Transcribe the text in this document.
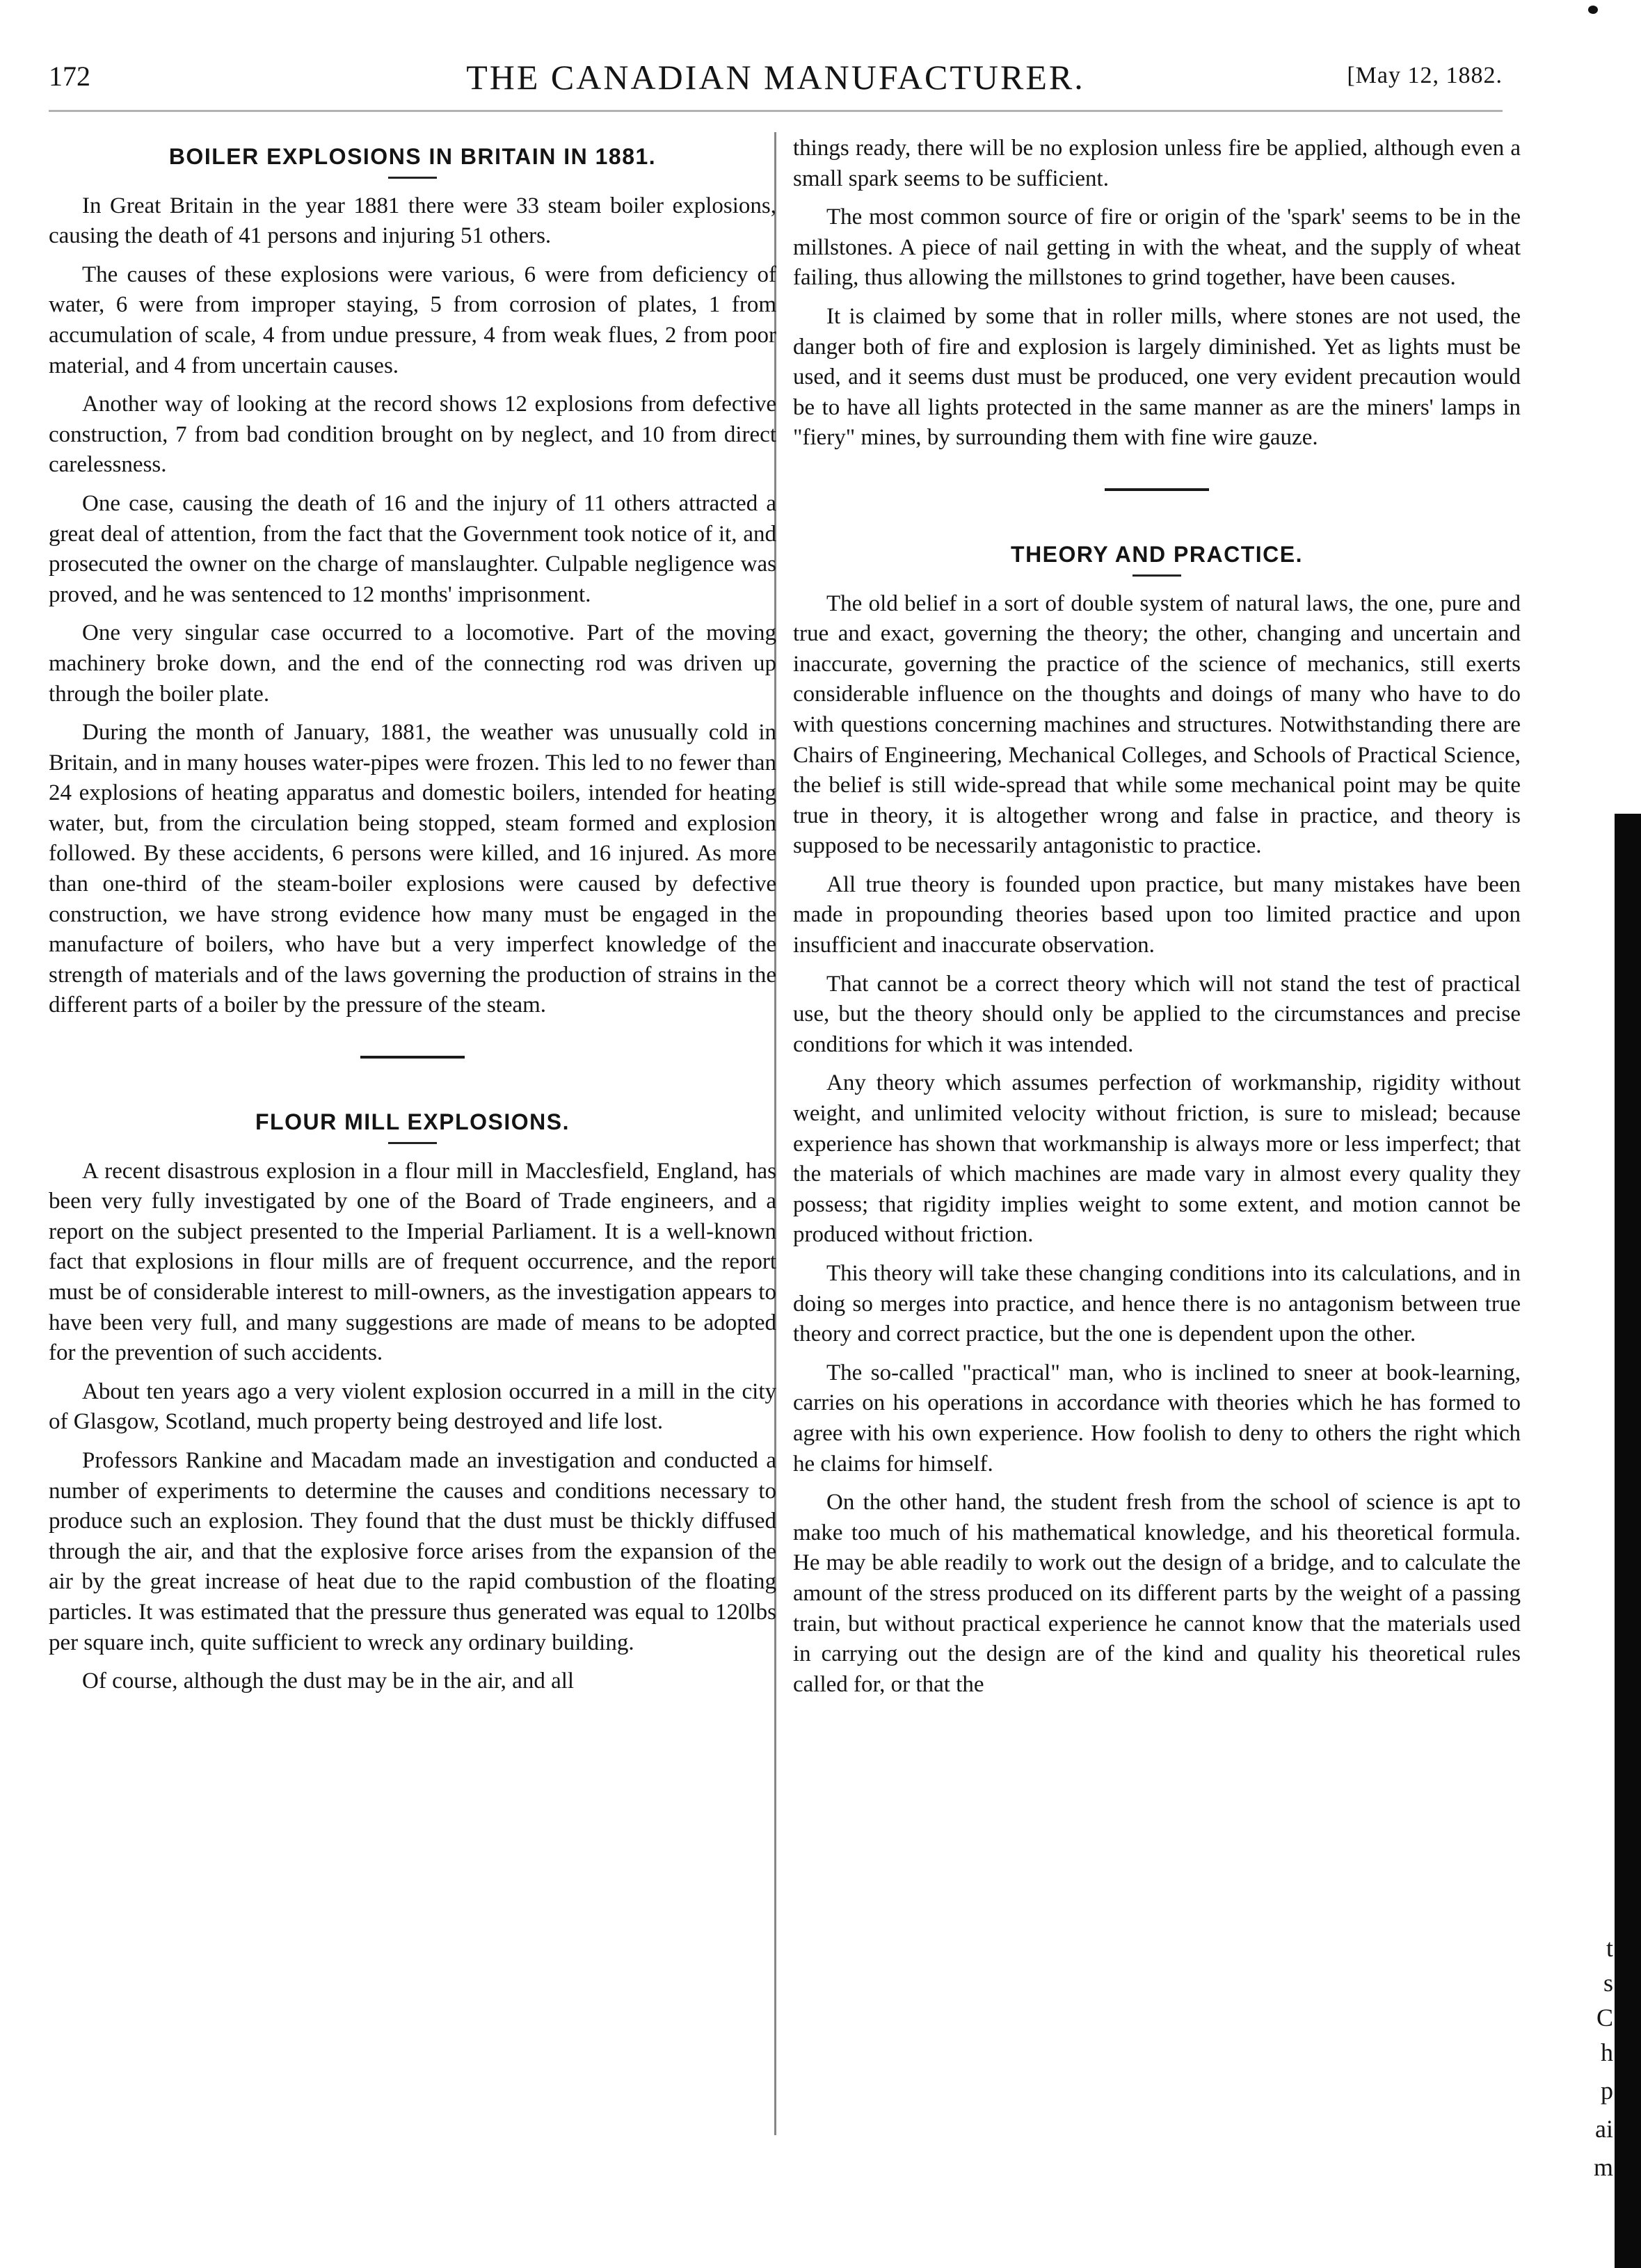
172	THE CANADIAN MANUFACTURER.	[May 12, 1882.
BOILER EXPLOSIONS IN BRITAIN IN 1881.

In Great Britain in the year 1881 there were 33 steam boiler explosions, causing the death of 41 persons and injuring 51 others.

The causes of these explosions were various, 6 were from deficiency of water, 6 were from improper staying, 5 from corrosion of plates, 1 from accumulation of scale, 4 from undue pressure, 4 from weak flues, 2 from poor material, and 4 from uncertain causes.

Another way of looking at the record shows 12 explosions from defective construction, 7 from bad condition brought on by neglect, and 10 from direct carelessness.

One case, causing the death of 16 and the injury of 11 others attracted a great deal of attention, from the fact that the Government took notice of it, and prosecuted the owner on the charge of manslaughter. Culpable negligence was proved, and he was sentenced to 12 months' imprisonment.

One very singular case occurred to a locomotive. Part of the moving machinery broke down, and the end of the connecting rod was driven up through the boiler plate.

During the month of January, 1881, the weather was unusually cold in Britain, and in many houses water-pipes were frozen. This led to no fewer than 24 explosions of heating apparatus and domestic boilers, intended for heating water, but, from the circulation being stopped, steam formed and explosion followed. By these accidents, 6 persons were killed, and 16 injured. As more than one-third of the steam-boiler explosions were caused by defective construction, we have strong evidence how many must be engaged in the manufacture of boilers, who have but a very imperfect knowledge of the strength of materials and of the laws governing the production of strains in the different parts of a boiler by the pressure of the steam.

FLOUR MILL EXPLOSIONS.

A recent disastrous explosion in a flour mill in Macclesfield, England, has been very fully investigated by one of the Board of Trade engineers, and a report on the subject presented to the Imperial Parliament. It is a well-known fact that explosions in flour mills are of frequent occurrence, and the report must be of considerable interest to mill-owners, as the investigation appears to have been very full, and many suggestions are made of means to be adopted for the prevention of such accidents.

About ten years ago a very violent explosion occurred in a mill in the city of Glasgow, Scotland, much property being destroyed and life lost.

Professors Rankine and Macadam made an investigation and conducted a number of experiments to determine the causes and conditions necessary to produce such an explosion. They found that the dust must be thickly diffused through the air, and that the explosive force arises from the expansion of the air by the great increase of heat due to the rapid combustion of the floating particles. It was estimated that the pressure thus generated was equal to 120lbs per square inch, quite sufficient to wreck any ordinary building.

Of course, although the dust may be in the air, and all

things ready, there will be no explosion unless fire be applied, although even a small spark seems to be sufficient.

The most common source of fire or origin of the 'spark' seems to be in the millstones. A piece of nail getting in with the wheat, and the supply of wheat failing, thus allowing the millstones to grind together, have been causes.

It is claimed by some that in roller mills, where stones are not used, the danger both of fire and explosion is largely diminished. Yet as lights must be used, and it seems dust must be produced, one very evident precaution would be to have all lights protected in the same manner as are the miners' lamps in "fiery" mines, by surrounding them with fine wire gauze.

THEORY AND PRACTICE.

The old belief in a sort of double system of natural laws, the one, pure and true and exact, governing the theory; the other, changing and uncertain and inaccurate, governing the practice of the science of mechanics, still exerts considerable influence on the thoughts and doings of many who have to do with questions concerning machines and structures. Notwithstanding there are Chairs of Engineering, Mechanical Colleges, and Schools of Practical Science, the belief is still wide-spread that while some mechanical point may be quite true in theory, it is altogether wrong and false in practice, and theory is supposed to be necessarily antagonistic to practice.

All true theory is founded upon practice, but many mistakes have been made in propounding theories based upon too limited practice and upon insufficient and inaccurate observation.

That cannot be a correct theory which will not stand the test of practical use, but the theory should only be applied to the circumstances and precise conditions for which it was intended.

Any theory which assumes perfection of workmanship, rigidity without weight, and unlimited velocity without friction, is sure to mislead; because experience has shown that workmanship is always more or less imperfect; that the materials of which machines are made vary in almost every quality they possess; that rigidity implies weight to some extent, and motion cannot be produced without friction.

This theory will take these changing conditions into its calculations, and in doing so merges into practice, and hence there is no antagonism between true theory and correct practice, but the one is dependent upon the other.

The so-called "practical" man, who is inclined to sneer at book-learning, carries on his operations in accordance with theories which he has formed to agree with his own experience. How foolish to deny to others the right which he claims for himself.

On the other hand, the student fresh from the school of science is apt to make too much of his mathematical knowledge, and his theoretical formula. He may be able readily to work out the design of a bridge, and to calculate the amount of the stress produced on its different parts by the weight of a passing train, but without practical experience he cannot know that the materials used in carrying out the design are of the kind and quality his theoretical rules called for, or that the

t
s
C
h
p
ai
m
